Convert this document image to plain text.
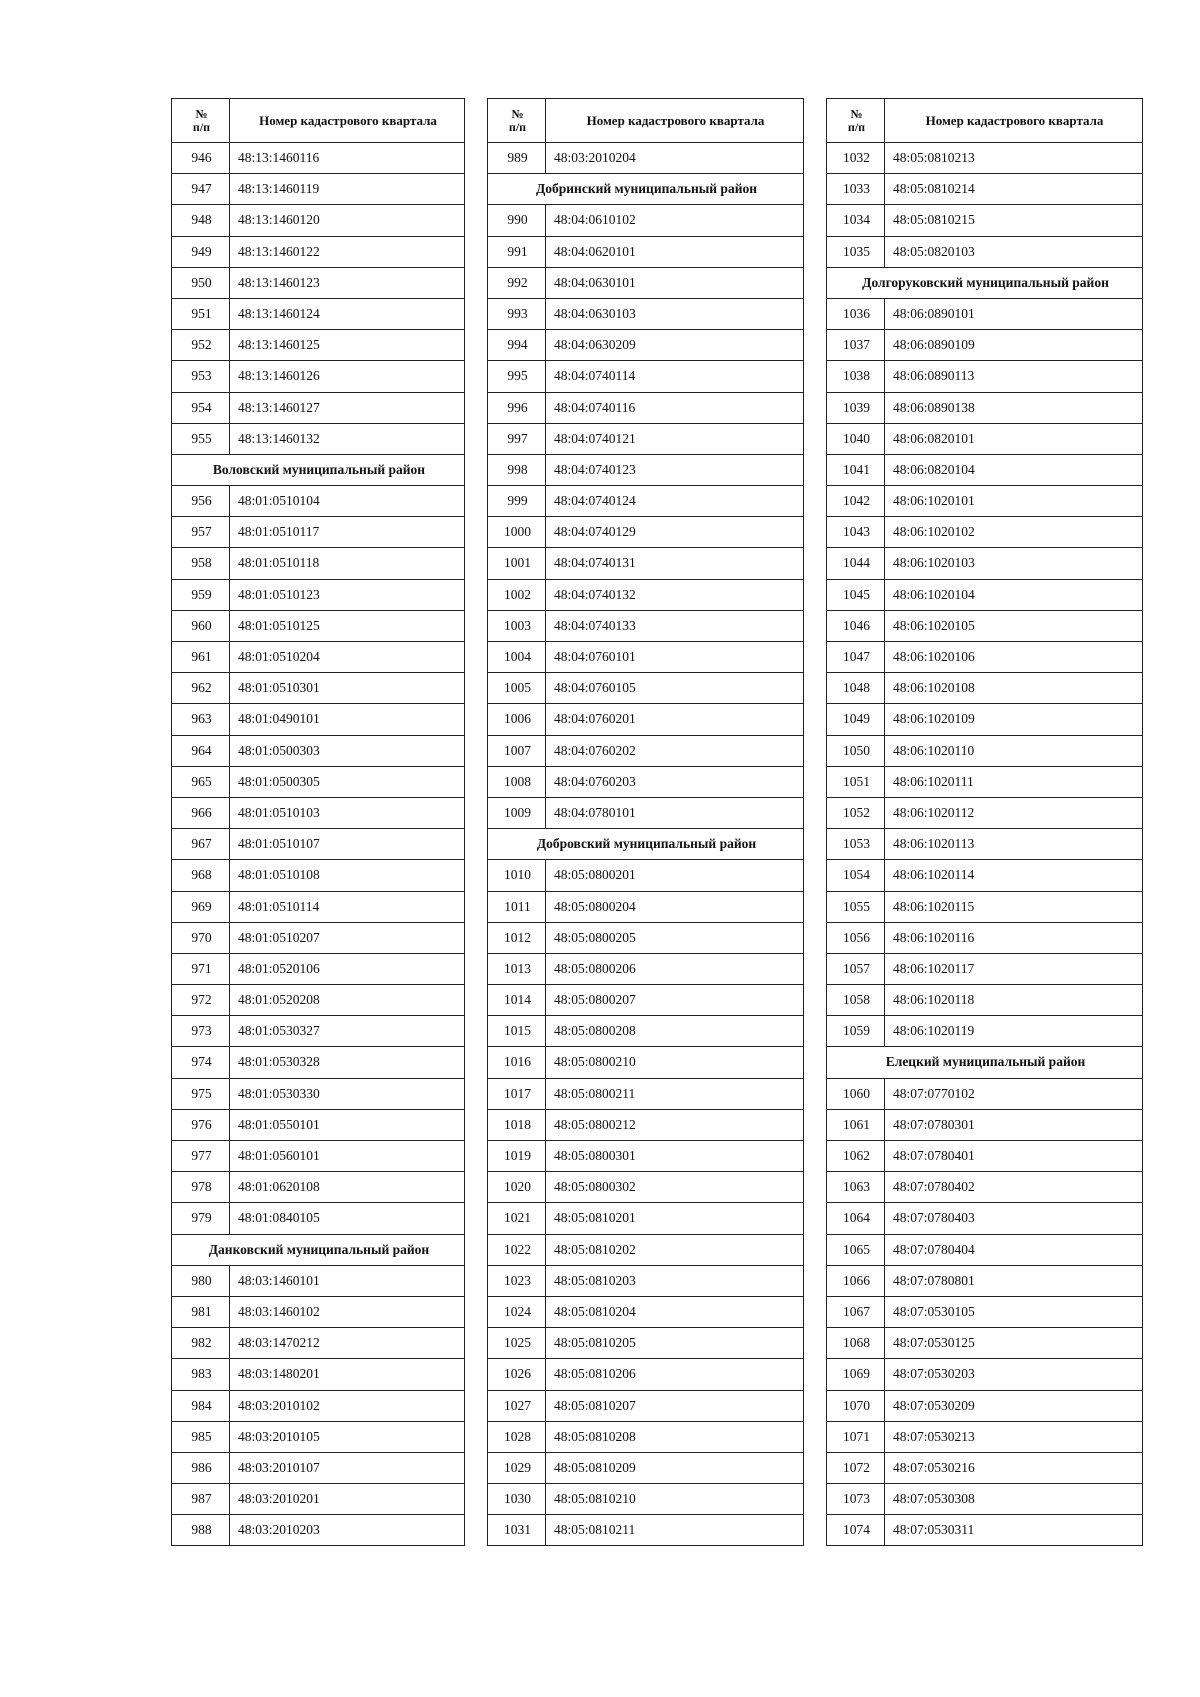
№
п/п	Номер кадастрового квартала
946	48:13:1460116
947	48:13:1460119
948	48:13:1460120
949	48:13:1460122
950	48:13:1460123
951	48:13:1460124
952	48:13:1460125
953	48:13:1460126
954	48:13:1460127
955	48:13:1460132
Воловский муниципальный район	
956	48:01:0510104
957	48:01:0510117
958	48:01:0510118
959	48:01:0510123
960	48:01:0510125
961	48:01:0510204
962	48:01:0510301
963	48:01:0490101
964	48:01:0500303
965	48:01:0500305
966	48:01:0510103
967	48:01:0510107
968	48:01:0510108
969	48:01:0510114
970	48:01:0510207
971	48:01:0520106
972	48:01:0520208
973	48:01:0530327
974	48:01:0530328
975	48:01:0530330
976	48:01:0550101
977	48:01:0560101
978	48:01:0620108
979	48:01:0840105
Данковский муниципальный район	
980	48:03:1460101
981	48:03:1460102
982	48:03:1470212
983	48:03:1480201
984	48:03:2010102
985	48:03:2010105
986	48:03:2010107
987	48:03:2010201
988	48:03:2010203
№
п/п	Номер кадастрового квартала
989	48:03:2010204
Добринский муниципальный район	
990	48:04:0610102
991	48:04:0620101
992	48:04:0630101
993	48:04:0630103
994	48:04:0630209
995	48:04:0740114
996	48:04:0740116
997	48:04:0740121
998	48:04:0740123
999	48:04:0740124
1000	48:04:0740129
1001	48:04:0740131
1002	48:04:0740132
1003	48:04:0740133
1004	48:04:0760101
1005	48:04:0760105
1006	48:04:0760201
1007	48:04:0760202
1008	48:04:0760203
1009	48:04:0780101
Добровский муниципальный район	
1010	48:05:0800201
1011	48:05:0800204
1012	48:05:0800205
1013	48:05:0800206
1014	48:05:0800207
1015	48:05:0800208
1016	48:05:0800210
1017	48:05:0800211
1018	48:05:0800212
1019	48:05:0800301
1020	48:05:0800302
1021	48:05:0810201
1022	48:05:0810202
1023	48:05:0810203
1024	48:05:0810204
1025	48:05:0810205
1026	48:05:0810206
1027	48:05:0810207
1028	48:05:0810208
1029	48:05:0810209
1030	48:05:0810210
1031	48:05:0810211
№
п/п	Номер кадастрового квартала
1032	48:05:0810213
1033	48:05:0810214
1034	48:05:0810215
1035	48:05:0820103
Долгоруковский муниципальный район	
1036	48:06:0890101
1037	48:06:0890109
1038	48:06:0890113
1039	48:06:0890138
1040	48:06:0820101
1041	48:06:0820104
1042	48:06:1020101
1043	48:06:1020102
1044	48:06:1020103
1045	48:06:1020104
1046	48:06:1020105
1047	48:06:1020106
1048	48:06:1020108
1049	48:06:1020109
1050	48:06:1020110
1051	48:06:1020111
1052	48:06:1020112
1053	48:06:1020113
1054	48:06:1020114
1055	48:06:1020115
1056	48:06:1020116
1057	48:06:1020117
1058	48:06:1020118
1059	48:06:1020119
Елецкий муниципальный район	
1060	48:07:0770102
1061	48:07:0780301
1062	48:07:0780401
1063	48:07:0780402
1064	48:07:0780403
1065	48:07:0780404
1066	48:07:0780801
1067	48:07:0530105
1068	48:07:0530125
1069	48:07:0530203
1070	48:07:0530209
1071	48:07:0530213
1072	48:07:0530216
1073	48:07:0530308
1074	48:07:0530311
